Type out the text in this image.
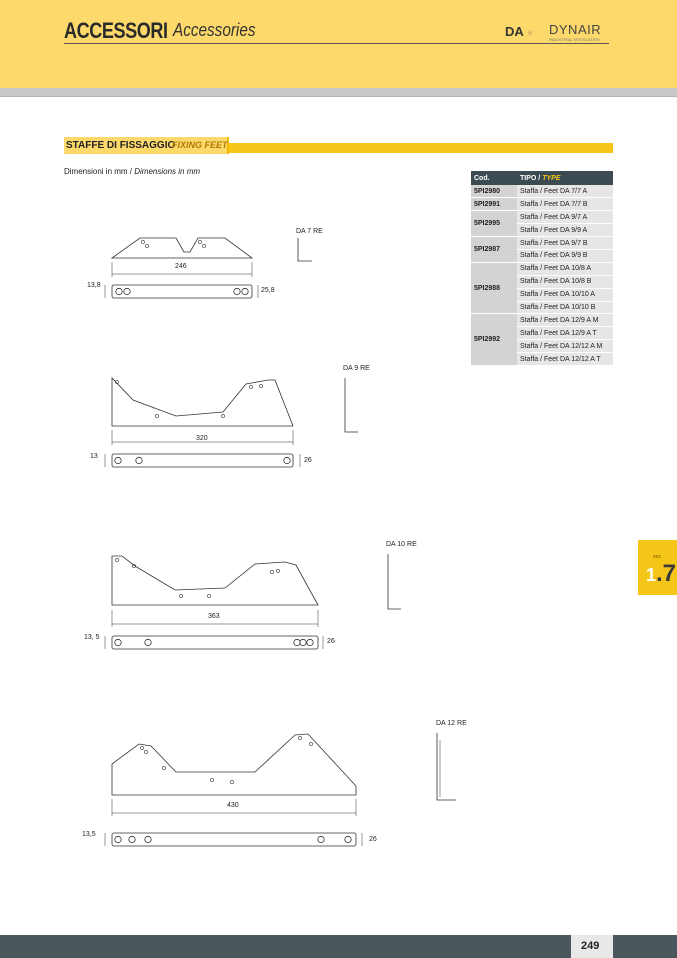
ACCESSORI Accessories	DA DYNAIR
INDUSTRIAL VENTILATION
STAFFE DI FISSAGGIO
FIXING FEET
Dimensioni in mm / Dimensions in mm
Cod.	TIPO / TYPE
5PI2980	Staffa / Feet DA 7/7 A
5PI2991	Staffa / Feet DA 7/7 B
5PI2995	Staffa / Feet DA 9/7 A
	Staffa / Feet DA 9/9 A
5PI2987	Staffa / Feet DA 9/7 B
	Staffa / Feet DA 9/9 B
5PI2988	Staffa / Feet DA 10/8 A
	Staffa / Feet DA 10/8 B
	Staffa / Feet DA 10/10 A
	Staffa / Feet DA 10/10 B
5PI2992	Staffa / Feet DA 12/9 A M
	Staffa / Feet DA 12/9 A T
	Staffa / Feet DA 12/12 A M
	Staffa / Feet DA 12/12 A T
DA 7 RE
246
13,8
25,8
DA 9 RE
320
13
26
DA 10 RE
363
13, 5
26
DA 12 RE
430
13,5
26
sez.
1.7
249
